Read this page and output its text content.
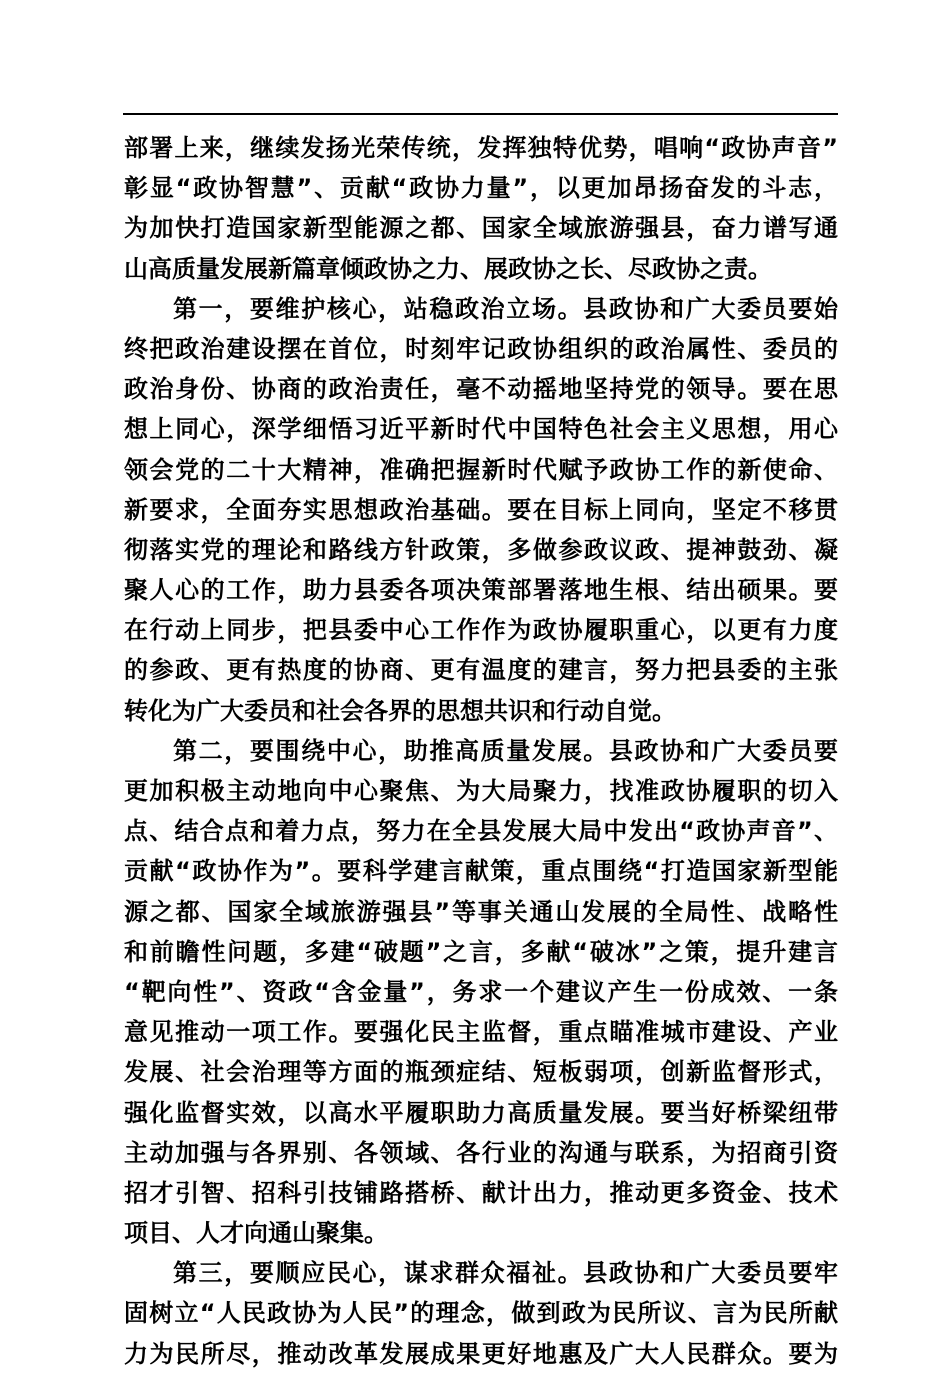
部署上来，继续发扬光荣传统，发挥独特优势，唱响“政协声音”
彰显“政协智慧”、贡献“政协力量”，以更加昂扬奋发的斗志，
为加快打造国家新型能源之都、国家全域旅游强县，奋力谱写通
山高质量发展新篇章倾政协之力、展政协之长、尽政协之责。
第一，要维护核心，站稳政治立场。县政协和广大委员要始
终把政治建设摆在首位，时刻牢记政协组织的政治属性、委员的
政治身份、协商的政治责任，毫不动摇地坚持党的领导。要在思
想上同心，深学细悟习近平新时代中国特色社会主义思想，用心
领会党的二十大精神，准确把握新时代赋予政协工作的新使命、
新要求，全面夯实思想政治基础。要在目标上同向，坚定不移贯
彻落实党的理论和路线方针政策，多做参政议政、提神鼓劲、凝
聚人心的工作，助力县委各项决策部署落地生根、结出硕果。要
在行动上同步，把县委中心工作作为政协履职重心，以更有力度
的参政、更有热度的协商、更有温度的建言，努力把县委的主张
转化为广大委员和社会各界的思想共识和行动自觉。
第二，要围绕中心，助推高质量发展。县政协和广大委员要
更加积极主动地向中心聚焦、为大局聚力，找准政协履职的切入
点、结合点和着力点，努力在全县发展大局中发出“政协声音”、
贡献“政协作为”。要科学建言献策，重点围绕“打造国家新型能
源之都、国家全域旅游强县”等事关通山发展的全局性、战略性
和前瞻性问题，多建“破题”之言，多献“破冰”之策，提升建言
“靶向性”、资政“含金量”，务求一个建议产生一份成效、一条
意见推动一项工作。要强化民主监督，重点瞄准城市建设、产业
发展、社会治理等方面的瓶颈症结、短板弱项，创新监督形式，
强化监督实效，以高水平履职助力高质量发展。要当好桥梁纽带
主动加强与各界别、各领域、各行业的沟通与联系，为招商引资
招才引智、招科引技铺路搭桥、献计出力，推动更多资金、技术
项目、人才向通山聚集。
第三，要顺应民心，谋求群众福祉。县政协和广大委员要牢
固树立“人民政协为人民”的理念，做到政为民所议、言为民所献
力为民所尽，推动改革发展成果更好地惠及广大人民群众。要为
